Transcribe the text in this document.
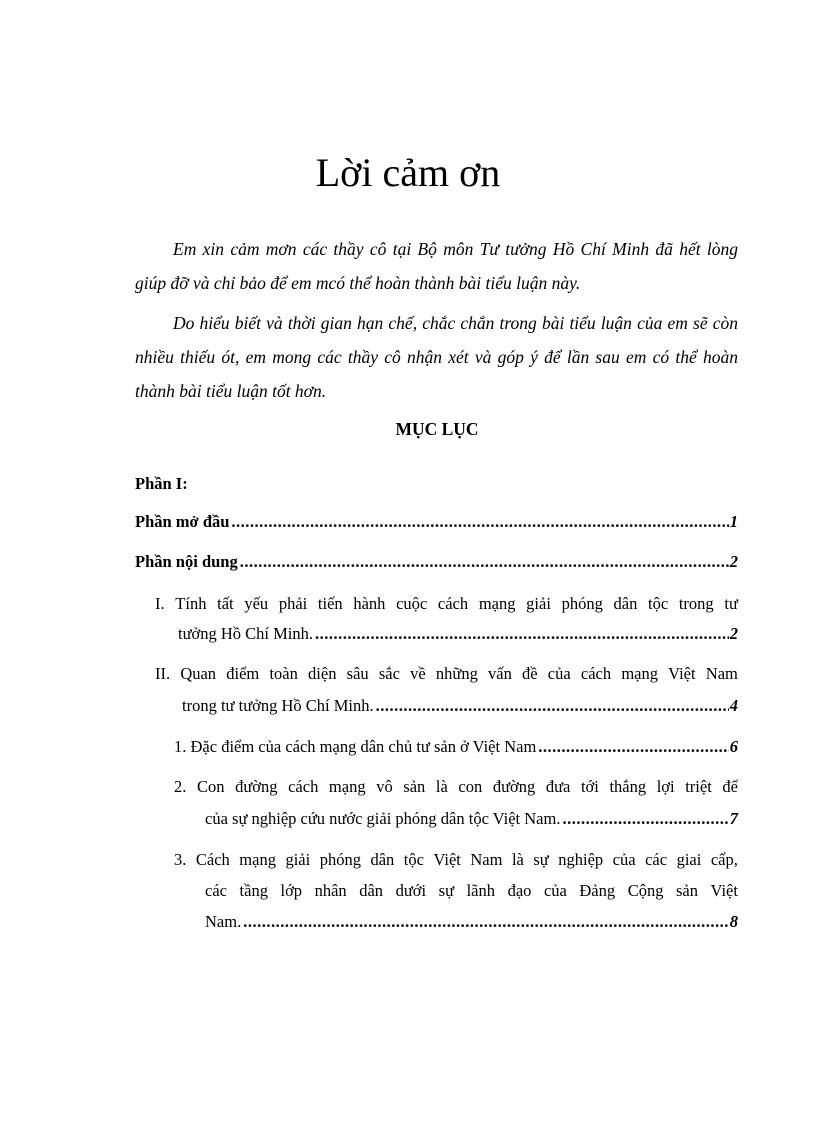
Lời cảm ơn

Em xin cảm mơn các thầy cô tại Bộ môn Tư tưởng Hồ Chí Minh đã hết lòng giúp đỡ và chỉ bảo để em mcó thể hoàn thành bài tiểu luận này.

Do hiểu biết và thời gian hạn chế, chắc chắn trong bài tiểu luận của em sẽ còn nhiều thiếu ót, em mong các thầy cô nhận xét và góp ý để lần sau em có thể hoàn thành bài tiểu luận tốt hơn.

MỤC LỤC
Phần I:
Phần mở đầu .....	1
Phần nội dung .....	2
I. Tính tất yếu phải tiến hành cuộc cách mạng giải phóng dân tộc trong tư
tưởng Hồ Chí Minh. .....	2
II. Quan điểm toàn diện sâu sắc về những vấn đề của cách mạng Việt Nam
trong tư tưởng Hồ Chí Minh. .....	4
1. Đặc điểm của cách mạng dân chủ tư sản ở Việt Nam .....	6
2. Con đường cách mạng vô sản là con đường đưa tới thắng lợi triệt để
của sự nghiệp cứu nước giải phóng dân tộc Việt Nam. .....	7
3. Cách mạng giải phóng dân tộc Việt Nam là sự nghiệp của các giai cấp,
các tầng lớp nhân dân dưới sự lãnh đạo của Đảng Cộng sản Việt
Nam. .....	8
